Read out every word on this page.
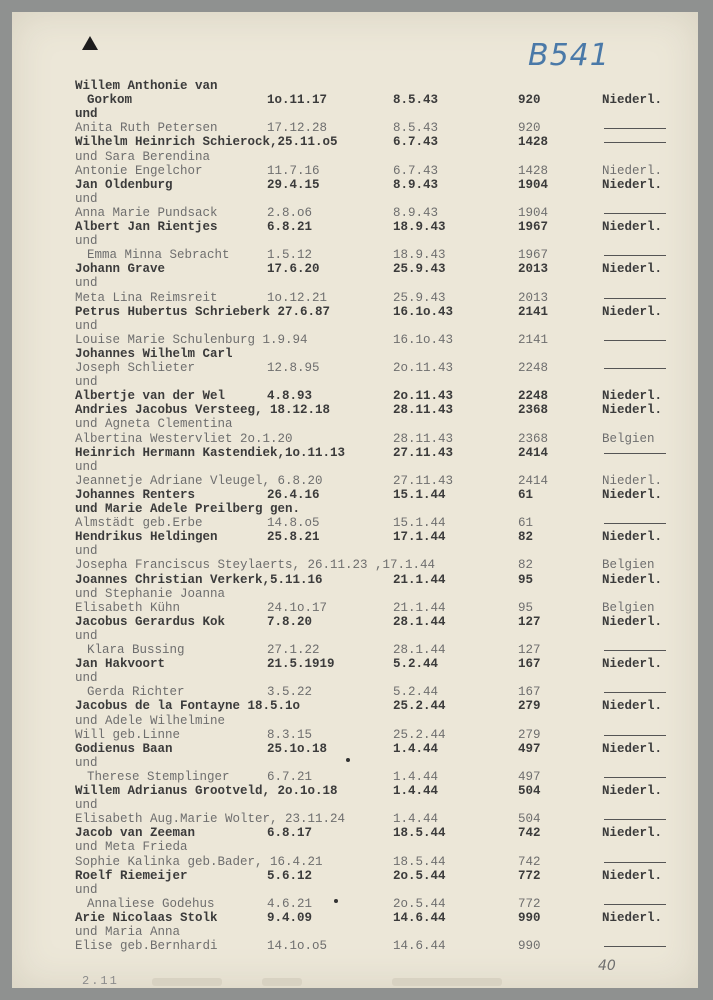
B541
Willem Anthonie van
Gorkom	1o.11.17	8.5.43	920	Niederl.
und
Anita Ruth Petersen	17.12.28	8.5.43	920
Wilhelm Heinrich Schierock,25.11.o5	6.7.43	1428
und Sara Berendina
Antonie Engelchor	11.7.16	6.7.43	1428	Niederl.
Jan Oldenburg	29.4.15	8.9.43	1904	Niederl.
und
Anna Marie Pundsack	2.8.o6	8.9.43	1904
Albert Jan Rientjes	6.8.21	18.9.43	1967	Niederl.
und
Emma Minna Sebracht	1.5.12	18.9.43	1967
Johann Grave	17.6.20	25.9.43	2013	Niederl.
und
Meta Lina Reimsreit	1o.12.21	25.9.43	2013
Petrus Hubertus Schrieberk 27.6.87	16.1o.43	2141	Niederl.
und
Louise Marie Schulenburg 1.9.94	16.1o.43	2141
Johannes Wilhelm Carl
Joseph Schlieter	12.8.95	2o.11.43	2248
und
Albertje van der Wel	4.8.93	2o.11.43	2248	Niederl.
Andries Jacobus Versteeg, 18.12.18	28.11.43	2368	Niederl.
und Agneta Clementina
Albertina Westervliet 2o.1.20	28.11.43	2368	Belgien
Heinrich Hermann Kastendiek,1o.11.13	27.11.43	2414
und
Jeannetje Adriane Vleugel, 6.8.20	27.11.43	2414	Niederl.
Johannes Renters	26.4.16	15.1.44	61	Niederl.
und Marie Adele Preilberg gen.
Almstädt geb.Erbe	14.8.o5	15.1.44	61
Hendrikus Heldingen	25.8.21	17.1.44	82	Niederl.
und
Josepha Franciscus Steylaerts, 26.11.23 ,17.1.44	82	Belgien
Joannes Christian Verkerk,5.11.16	21.1.44	95	Niederl.
und Stephanie Joanna
Elisabeth Kühn	24.1o.17	21.1.44	95	Belgien
Jacobus Gerardus Kok	7.8.20	28.1.44	127	Niederl.
und
Klara Bussing	27.1.22	28.1.44	127
Jan Hakvoort	21.5.1919	5.2.44	167	Niederl.
und
Gerda Richter	3.5.22	5.2.44	167
Jacobus de la Fontayne 18.5.1o	25.2.44	279	Niederl.
und Adele Wilhelmine
Will geb.Linne	8.3.15	25.2.44	279
Godienus Baan	25.1o.18	1.4.44	497	Niederl.
und
Therese Stemplinger	6.7.21	1.4.44	497
Willem Adrianus Grootveld, 2o.1o.18	1.4.44	504	Niederl.
und
Elisabeth Aug.Marie Wolter, 23.11.24	1.4.44	504
Jacob van Zeeman	6.8.17	18.5.44	742	Niederl.
und Meta Frieda
Sophie Kalinka geb.Bader, 16.4.21	18.5.44	742
Roelf Riemeijer	5.6.12	2o.5.44	772	Niederl.
und
Annaliese Godehus	4.6.21	2o.5.44	772
Arie Nicolaas Stolk	9.4.09	14.6.44	990	Niederl.
und Maria Anna
Elise geb.Bernhardi	14.1o.o5	14.6.44	990
2.11
40
